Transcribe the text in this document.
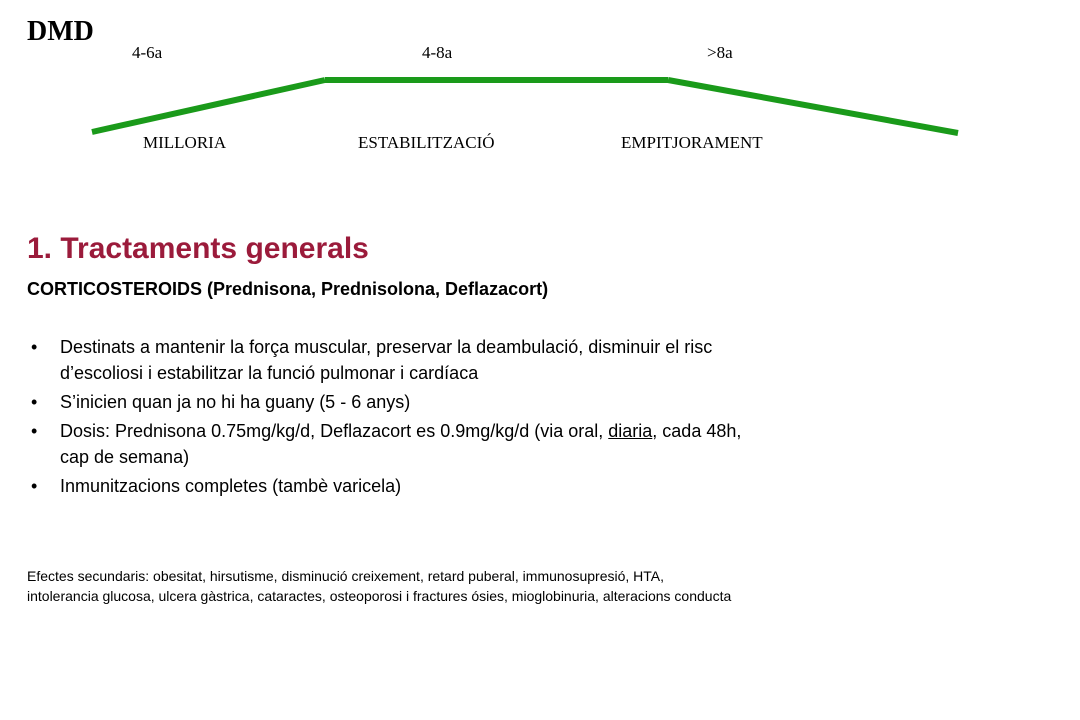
DMD
4-6a	4-8a	>8a
MILLORIA	ESTABILITZACIÓ	EMPITJORAMENT
1. Tractaments generals
CORTICOSTEROIDS (Prednisona, Prednisolona, Deflazacort)
• Destinats a mantenir la força muscular, preservar la deambulació, disminuir el risc
d’escoliosi i estabilitzar la funció pulmonar i cardíaca
• S’inicien quan ja no hi ha guany (5 - 6 anys)
• Dosis: Prednisona 0.75mg/kg/d, Deflazacort es 0.9mg/kg/d (via oral, diaria, cada 48h,
cap de semana)
• Inmunitzacions completes (tambè varicela)
Efectes secundaris: obesitat, hirsutisme, disminució creixement, retard puberal, immunosupresió, HTA,
intolerancia glucosa, ulcera gàstrica, cataractes, osteoporosi i fractures ósies, mioglobinuria, alteracions conducta
